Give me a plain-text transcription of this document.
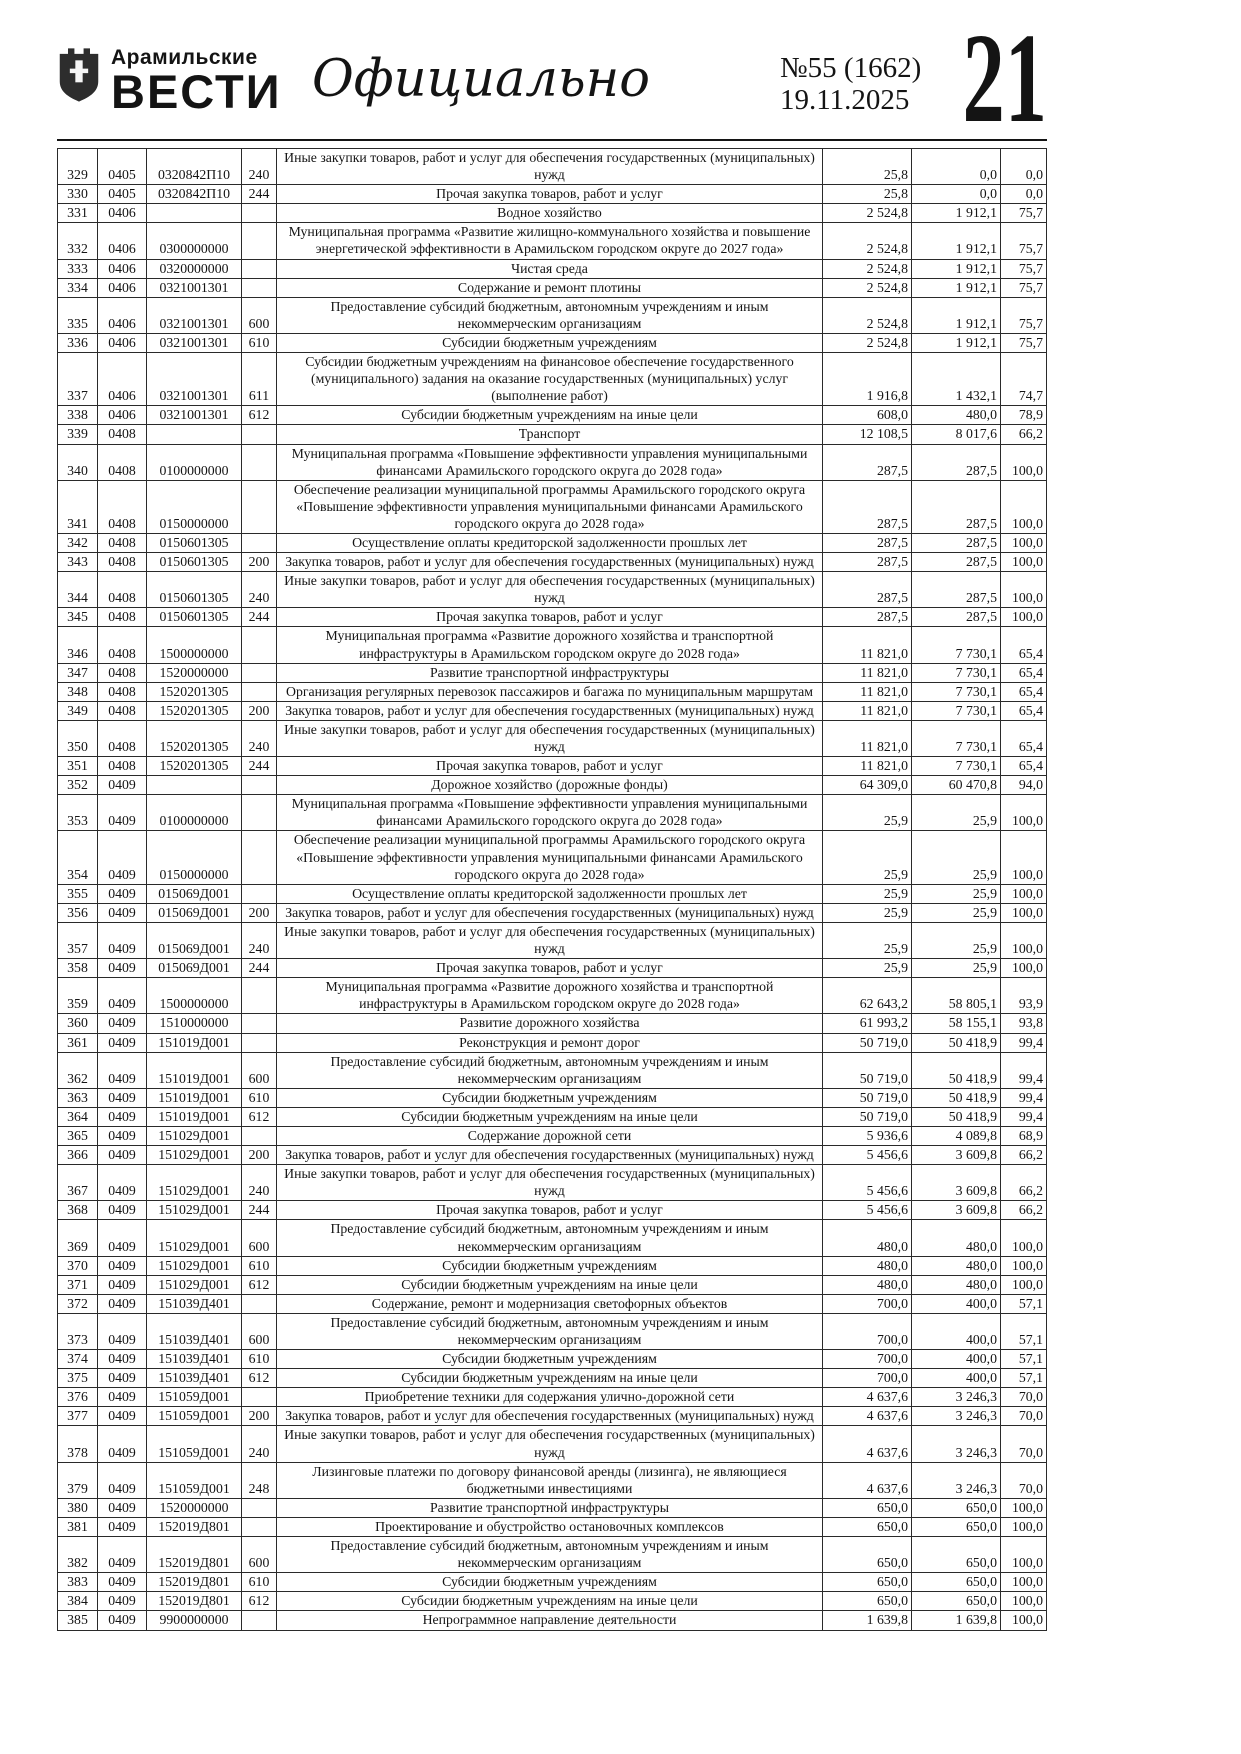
Арамильские
ВЕСТИ Официально	№55 (1662)
19.11.2025 21
329	0405	0320842П10	240	Иные закупки товаров, работ и услуг для обеспечения государственных (муниципальных) нужд	25,8	0,0	0,0
330	0405	0320842П10	244	Прочая закупка товаров, работ и услуг	25,8	0,0	0,0
331	0406			Водное хозяйство	2 524,8	1 912,1	75,7
332	0406	0300000000		Муниципальная программа «Развитие жилищно-коммунального хозяйства и повышение энергетической эффективности в Арамильском городском округе до 2027 года»	2 524,8	1 912,1	75,7
333	0406	0320000000		Чистая среда	2 524,8	1 912,1	75,7
334	0406	0321001301		Содержание и ремонт плотины	2 524,8	1 912,1	75,7
335	0406	0321001301	600	Предоставление субсидий бюджетным, автономным учреждениям и иным некоммерческим организациям	2 524,8	1 912,1	75,7
336	0406	0321001301	610	Субсидии бюджетным учреждениям	2 524,8	1 912,1	75,7
337	0406	0321001301	611	Субсидии бюджетным учреждениям на финансовое обеспечение государственного (муниципального) задания на оказание государственных (муниципальных) услуг (выполнение работ)	1 916,8	1 432,1	74,7
338	0406	0321001301	612	Субсидии бюджетным учреждениям на иные цели	608,0	480,0	78,9
339	0408			Транспорт	12 108,5	8 017,6	66,2
340	0408	0100000000		Муниципальная программа «Повышение эффективности управления муниципальными финансами Арамильского городского округа до 2028 года»	287,5	287,5	100,0
341	0408	0150000000		Обеспечение реализации муниципальной программы Арамильского городского округа «Повышение эффективности управления муниципальными финансами Арамильского городского округа до 2028 года»	287,5	287,5	100,0
342	0408	0150601305		Осуществление оплаты кредиторской задолженности прошлых лет	287,5	287,5	100,0
343	0408	0150601305	200	Закупка товаров, работ и услуг для обеспечения государственных (муниципальных) нужд	287,5	287,5	100,0
344	0408	0150601305	240	Иные закупки товаров, работ и услуг для обеспечения государственных (муниципальных) нужд	287,5	287,5	100,0
345	0408	0150601305	244	Прочая закупка товаров, работ и услуг	287,5	287,5	100,0
346	0408	1500000000		Муниципальная программа «Развитие дорожного хозяйства и транспортной инфраструктуры в Арамильском городском округе до 2028 года»	11 821,0	7 730,1	65,4
347	0408	1520000000		Развитие транспортной инфраструктуры	11 821,0	7 730,1	65,4
348	0408	1520201305		Организация регулярных перевозок пассажиров и багажа по муниципальным маршрутам	11 821,0	7 730,1	65,4
349	0408	1520201305	200	Закупка товаров, работ и услуг для обеспечения государственных (муниципальных) нужд	11 821,0	7 730,1	65,4
350	0408	1520201305	240	Иные закупки товаров, работ и услуг для обеспечения государственных (муниципальных) нужд	11 821,0	7 730,1	65,4
351	0408	1520201305	244	Прочая закупка товаров, работ и услуг	11 821,0	7 730,1	65,4
352	0409			Дорожное хозяйство (дорожные фонды)	64 309,0	60 470,8	94,0
353	0409	0100000000		Муниципальная программа «Повышение эффективности управления муниципальными финансами Арамильского городского округа до 2028 года»	25,9	25,9	100,0
354	0409	0150000000		Обеспечение реализации муниципальной программы Арамильского городского округа «Повышение эффективности управления муниципальными финансами Арамильского городского округа до 2028 года»	25,9	25,9	100,0
355	0409	015069Д001		Осуществление оплаты кредиторской задолженности прошлых лет	25,9	25,9	100,0
356	0409	015069Д001	200	Закупка товаров, работ и услуг для обеспечения государственных (муниципальных) нужд	25,9	25,9	100,0
357	0409	015069Д001	240	Иные закупки товаров, работ и услуг для обеспечения государственных (муниципальных) нужд	25,9	25,9	100,0
358	0409	015069Д001	244	Прочая закупка товаров, работ и услуг	25,9	25,9	100,0
359	0409	1500000000		Муниципальная программа «Развитие дорожного хозяйства и транспортной инфраструктуры в Арамильском городском округе до 2028 года»	62 643,2	58 805,1	93,9
360	0409	1510000000		Развитие дорожного хозяйства	61 993,2	58 155,1	93,8
361	0409	151019Д001		Реконструкция и ремонт дорог	50 719,0	50 418,9	99,4
362	0409	151019Д001	600	Предоставление субсидий бюджетным, автономным учреждениям и иным некоммерческим организациям	50 719,0	50 418,9	99,4
363	0409	151019Д001	610	Субсидии бюджетным учреждениям	50 719,0	50 418,9	99,4
364	0409	151019Д001	612	Субсидии бюджетным учреждениям на иные цели	50 719,0	50 418,9	99,4
365	0409	151029Д001		Содержание дорожной сети	5 936,6	4 089,8	68,9
366	0409	151029Д001	200	Закупка товаров, работ и услуг для обеспечения государственных (муниципальных) нужд	5 456,6	3 609,8	66,2
367	0409	151029Д001	240	Иные закупки товаров, работ и услуг для обеспечения государственных (муниципальных) нужд	5 456,6	3 609,8	66,2
368	0409	151029Д001	244	Прочая закупка товаров, работ и услуг	5 456,6	3 609,8	66,2
369	0409	151029Д001	600	Предоставление субсидий бюджетным, автономным учреждениям и иным некоммерческим организациям	480,0	480,0	100,0
370	0409	151029Д001	610	Субсидии бюджетным учреждениям	480,0	480,0	100,0
371	0409	151029Д001	612	Субсидии бюджетным учреждениям на иные цели	480,0	480,0	100,0
372	0409	151039Д401		Содержание, ремонт и модернизация светофорных объектов	700,0	400,0	57,1
373	0409	151039Д401	600	Предоставление субсидий бюджетным, автономным учреждениям и иным некоммерческим организациям	700,0	400,0	57,1
374	0409	151039Д401	610	Субсидии бюджетным учреждениям	700,0	400,0	57,1
375	0409	151039Д401	612	Субсидии бюджетным учреждениям на иные цели	700,0	400,0	57,1
376	0409	151059Д001		Приобретение техники для содержания улично-дорожной сети	4 637,6	3 246,3	70,0
377	0409	151059Д001	200	Закупка товаров, работ и услуг для обеспечения государственных (муниципальных) нужд	4 637,6	3 246,3	70,0
378	0409	151059Д001	240	Иные закупки товаров, работ и услуг для обеспечения государственных (муниципальных) нужд	4 637,6	3 246,3	70,0
379	0409	151059Д001	248	Лизинговые платежи по договору финансовой аренды (лизинга), не являющиеся бюджетными инвестициями	4 637,6	3 246,3	70,0
380	0409	1520000000		Развитие транспортной инфраструктуры	650,0	650,0	100,0
381	0409	152019Д801		Проектирование и обустройство остановочных комплексов	650,0	650,0	100,0
382	0409	152019Д801	600	Предоставление субсидий бюджетным, автономным учреждениям и иным некоммерческим организациям	650,0	650,0	100,0
383	0409	152019Д801	610	Субсидии бюджетным учреждениям	650,0	650,0	100,0
384	0409	152019Д801	612	Субсидии бюджетным учреждениям на иные цели	650,0	650,0	100,0
385	0409	9900000000		Непрограммное направление деятельности	1 639,8	1 639,8	100,0
